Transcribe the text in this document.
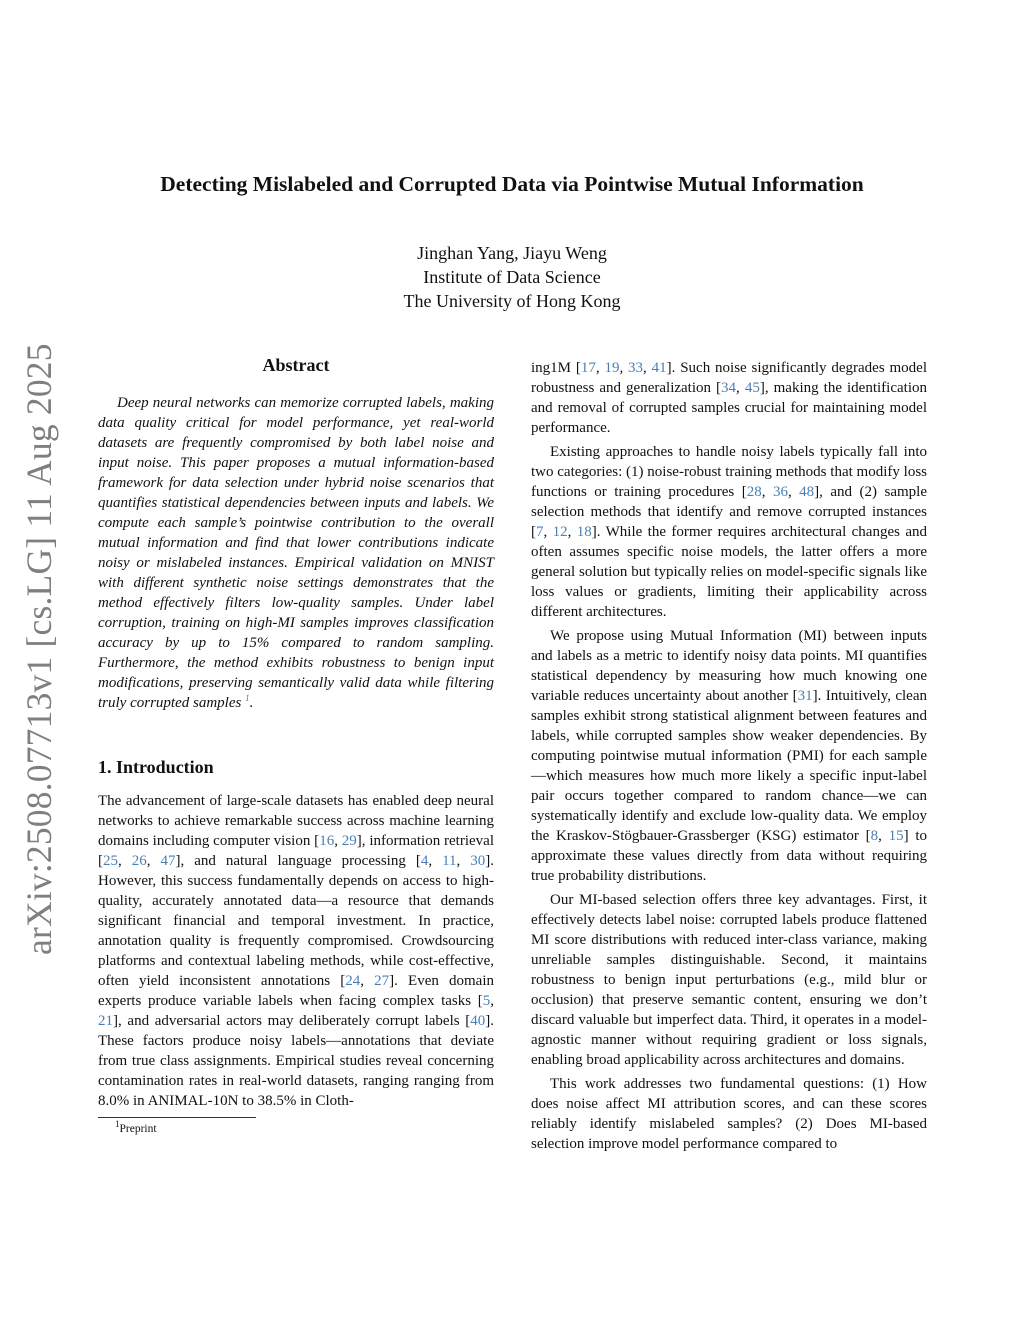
arXiv:2508.07713v1 [cs.LG] 11 Aug 2025
Detecting Mislabeled and Corrupted Data via Pointwise Mutual Information
Jinghan Yang, Jiayu Weng
Institute of Data Science
The University of Hong Kong
Abstract

Deep neural networks can memorize corrupted labels, making data quality critical for model performance, yet real-world datasets are frequently compromised by both label noise and input noise. This paper proposes a mutual information-based framework for data selection under hybrid noise scenarios that quantifies statistical dependencies between inputs and labels. We compute each sample’s pointwise contribution to the overall mutual information and find that lower contributions indicate noisy or mislabeled instances. Empirical validation on MNIST with different synthetic noise settings demonstrates that the method effectively filters low-quality samples. Under label corruption, training on high-MI samples improves classification accuracy by up to 15% compared to random sampling. Furthermore, the method exhibits robustness to benign input modifications, preserving semantically valid data while filtering truly corrupted samples $^1$.

1. Introduction

The advancement of large-scale datasets has enabled deep neural networks to achieve remarkable success across machine learning domains including computer vision [16, 29], information retrieval [25, 26, 47], and natural language processing [4, 11, 30]. However, this success fundamentally depends on access to high-quality, accurately annotated data—a resource that demands significant financial and temporal investment. In practice, annotation quality is frequently compromised. Crowdsourcing platforms and contextual labeling methods, while cost-effective, often yield inconsistent annotations [24, 27]. Even domain experts produce variable labels when facing complex tasks [5, 21], and adversarial actors may deliberately corrupt labels [40]. These factors produce noisy labels—annotations that deviate from true class assignments. Empirical studies reveal concerning contamination rates in real-world datasets, ranging ranging from 8.0% in ANIMAL-10N to 38.5% in Cloth-

$^1$Preprint

ing1M [17, 19, 33, 41]. Such noise significantly degrades model robustness and generalization [34, 45], making the identification and removal of corrupted samples crucial for maintaining model performance.

Existing approaches to handle noisy labels typically fall into two categories: (1) noise-robust training methods that modify loss functions or training procedures [28, 36, 48], and (2) sample selection methods that identify and remove corrupted instances [7, 12, 18]. While the former requires architectural changes and often assumes specific noise models, the latter offers a more general solution but typically relies on model-specific signals like loss values or gradients, limiting their applicability across different architectures.

We propose using Mutual Information (MI) between inputs and labels as a metric to identify noisy data points. MI quantifies statistical dependency by measuring how much knowing one variable reduces uncertainty about another [31]. Intuitively, clean samples exhibit strong statistical alignment between features and labels, while corrupted samples show weaker dependencies. By computing pointwise mutual information (PMI) for each sample—which measures how much more likely a specific input-label pair occurs together compared to random chance—we can systematically identify and exclude low-quality data. We employ the Kraskov-Stögbauer-Grassberger (KSG) estimator [8, 15] to approximate these values directly from data without requiring true probability distributions.

Our MI-based selection offers three key advantages. First, it effectively detects label noise: corrupted labels produce flattened MI score distributions with reduced inter-class variance, making unreliable samples distinguishable. Second, it maintains robustness to benign input perturbations (e.g., mild blur or occlusion) that preserve semantic content, ensuring we don’t discard valuable but imperfect data. Third, it operates in a model-agnostic manner without requiring gradient or loss signals, enabling broad applicability across architectures and domains.

This work addresses two fundamental questions: (1) How does noise affect MI attribution scores, and can these scores reliably identify mislabeled samples? (2) Does MI-based selection improve model performance compared to
